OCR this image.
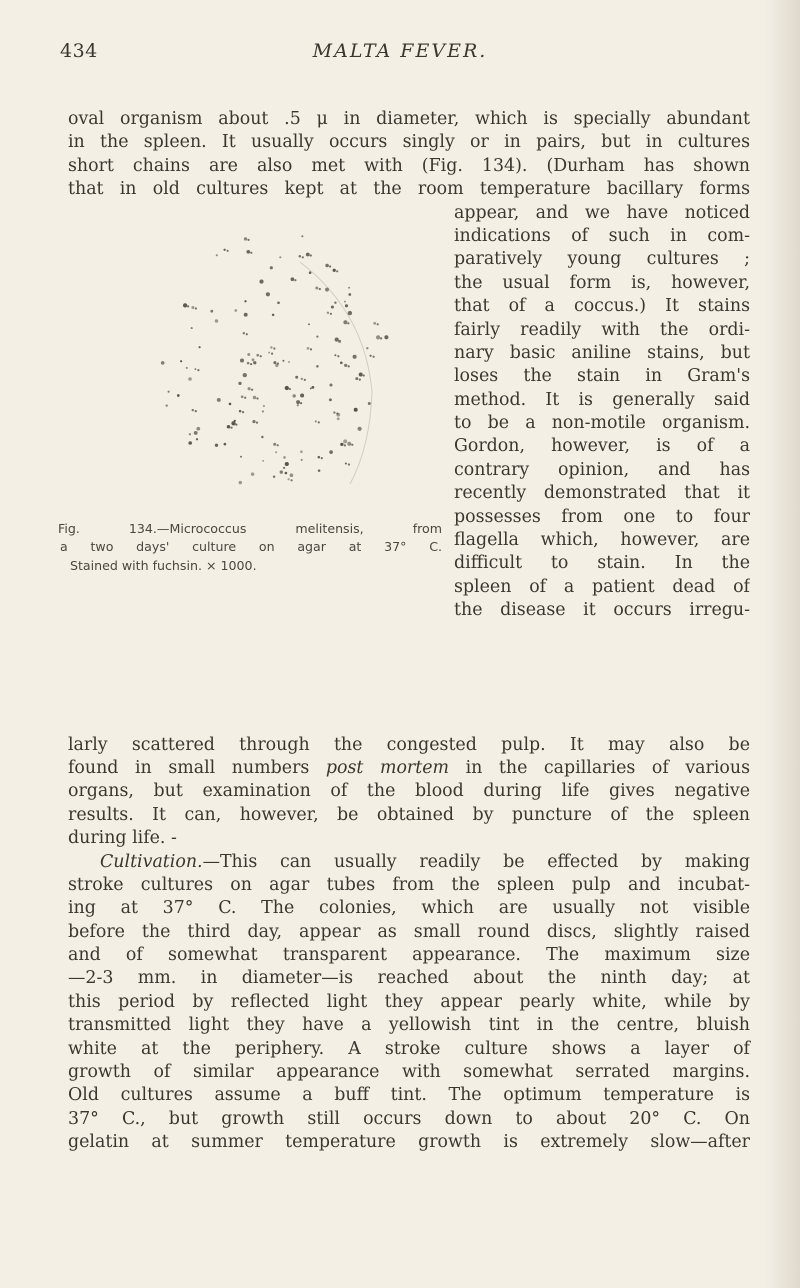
434	MALTA FEVER.
oval organism about .5 μ in diameter, which is specially abundant
in the spleen. It usually occurs singly or in pairs, but in cultures
short chains are also met with (Fig. 134). (Durham has shown
that in old cultures kept at the room temperature bacillary forms
Fig. 134.—Micrococcus melitensis, from
a two days' culture on agar at 37° C.
Stained with fuchsin. × 1000.
appear, and we have noticed
indications of such in com-
paratively young cultures ;
the usual form is, however,
that of a coccus.) It stains
fairly readily with the ordi-
nary basic aniline stains, but
loses the stain in Gram's
method. It is generally said
to be a non-motile organism.
Gordon, however, is of a
contrary opinion, and has
recently demonstrated that it
possesses from one to four
flagella which, however, are
difficult to stain. In the
spleen of a patient dead of
the disease it occurs irregu-
larly scattered through the congested pulp. It may also be
found in small numbers post mortem in the capillaries of various
organs, but examination of the blood during life gives negative
results. It can, however, be obtained by puncture of the spleen
during life. -
Cultivation.—This can usually readily be effected by making
stroke cultures on agar tubes from the spleen pulp and incubat-
ing at 37° C. The colonies, which are usually not visible
before the third day, appear as small round discs, slightly raised
and of somewhat transparent appearance. The maximum size
—2-3 mm. in diameter—is reached about the ninth day; at
this period by reflected light they appear pearly white, while by
transmitted light they have a yellowish tint in the centre, bluish
white at the periphery. A stroke culture shows a layer of
growth of similar appearance with somewhat serrated margins.
Old cultures assume a buff tint. The optimum temperature is
37° C., but growth still occurs down to about 20° C. On
gelatin at summer temperature growth is extremely slow—after
